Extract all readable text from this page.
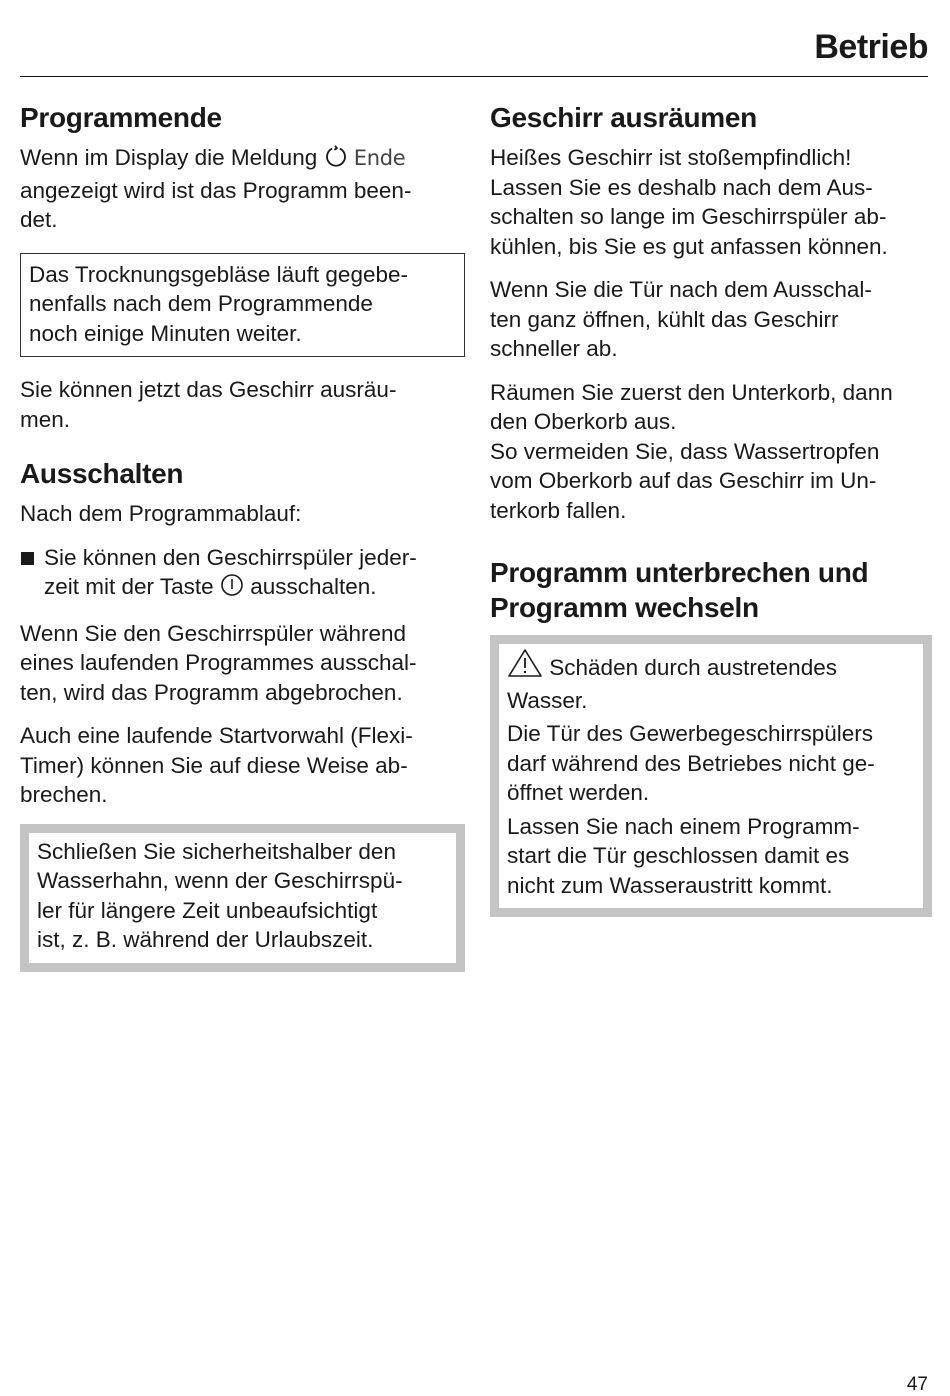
Betrieb
Programmende

Wenn im Display die Meldung Ende
angezeigt wird ist das Programm been-
det.

Das Trocknungsgebläse läuft gegebe-
nenfalls nach dem Programmende
noch einige Minuten weiter.

Sie können jetzt das Geschirr ausräu-
men.

Ausschalten

Nach dem Programmablauf:

Sie können den Geschirrspüler jeder-
zeit mit der Taste ausschalten.

Wenn Sie den Geschirrspüler während
eines laufenden Programmes ausschal-
ten, wird das Programm abgebrochen.

Auch eine laufende Startvorwahl (Flexi-
Timer) können Sie auf diese Weise ab-
brechen.

Schließen Sie sicherheitshalber den
Wasserhahn, wenn der Geschirrspü-
ler für längere Zeit unbeaufsichtigt
ist, z. B. während der Urlaubszeit.

Geschirr ausräumen

Heißes Geschirr ist stoßempfindlich!
Lassen Sie es deshalb nach dem Aus-
schalten so lange im Geschirrspüler ab-
kühlen, bis Sie es gut anfassen können.

Wenn Sie die Tür nach dem Ausschal-
ten ganz öffnen, kühlt das Geschirr
schneller ab.

Räumen Sie zuerst den Unterkorb, dann
den Oberkorb aus.
So vermeiden Sie, dass Wassertropfen
vom Oberkorb auf das Geschirr im Un-
terkorb fallen.

Programm unterbrechen und
Programm wechseln

Schäden durch austretendes
Wasser.

Die Tür des Gewerbegeschirrspülers
darf während des Betriebes nicht ge-
öffnet werden.

Lassen Sie nach einem Programm-
start die Tür geschlossen damit es
nicht zum Wasseraustritt kommt.

47
